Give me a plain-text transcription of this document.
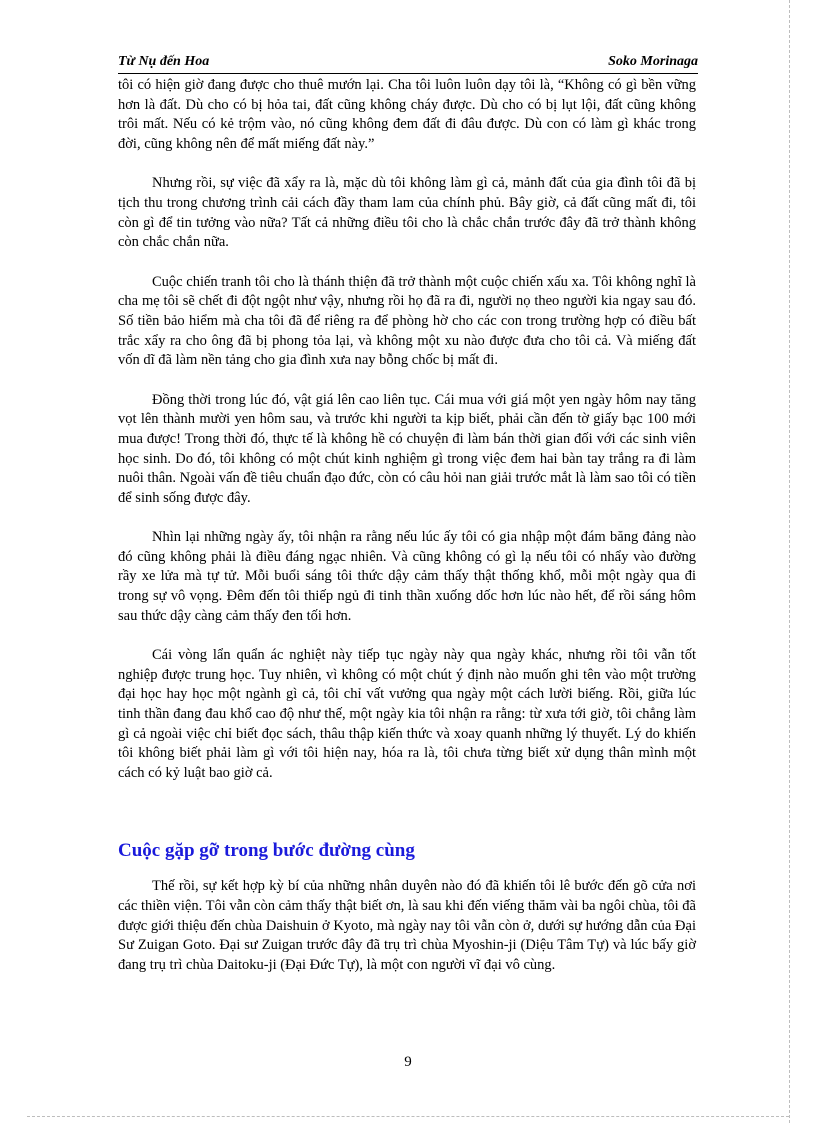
Từ Nụ đến Hoa	Soko Morinaga

tôi có hiện giờ đang được cho thuê mướn lại. Cha tôi luôn luôn dạy tôi là, “Không có gì bền vững hơn là đất. Dù cho có bị hỏa tai, đất cũng không cháy được. Dù cho có bị lụt lội, đất cũng không trôi mất. Nếu có kẻ trộm vào, nó cũng không đem đất đi đâu được. Dù con có làm gì khác trong đời, cũng không nên để mất miếng đất này.”

Nhưng rồi, sự việc đã xẩy ra là, mặc dù tôi không làm gì cả, mảnh đất của gia đình tôi đã bị tịch thu trong chương trình cải cách đầy tham lam của chính phủ. Bây giờ, cả đất cũng mất đi, tôi còn gì để tin tưởng vào nữa? Tất cả những điều tôi cho là chắc chắn trước đây đã trở thành không còn chắc chắn nữa.

Cuộc chiến tranh tôi cho là thánh thiện đã trở thành một cuộc chiến xấu xa. Tôi không nghĩ là cha mẹ tôi sẽ chết đi đột ngột như vậy, nhưng rồi họ đã ra đi, người nọ theo người kia ngay sau đó. Số tiền bảo hiểm mà cha tôi đã để riêng ra để phòng hờ cho các con trong trường hợp có điều bất trắc xẩy ra cho ông đã bị phong tỏa lại, và không một xu nào được đưa cho tôi cả. Và miếng đất vốn dĩ đã làm nền tảng cho gia đình xưa nay bỗng chốc bị mất đi.

Đồng thời trong lúc đó, vật giá lên cao liên tục. Cái mua với giá một yen ngày hôm nay tăng vọt lên thành mười yen hôm sau, và trước khi người ta kịp biết, phải cần đến tờ giấy bạc 100 mới mua được! Trong thời đó, thực tế là không hề có chuyện đi làm bán thời gian đối với các sinh viên học sinh. Do đó, tôi không có một chút kinh nghiệm gì trong việc đem hai bàn tay trắng ra đi làm nuôi thân. Ngoài vấn đề tiêu chuẩn đạo đức, còn có câu hỏi nan giải trước mắt là làm sao tôi có tiền để sinh sống được đây.

Nhìn lại những ngày ấy, tôi nhận ra rằng nếu lúc ấy tôi có gia nhập một đám băng đảng nào đó cũng không phải là điều đáng ngạc nhiên. Và cũng không có gì lạ nếu tôi có nhẩy vào đường rầy xe lửa mà tự tử. Mỗi buổi sáng tôi thức dậy cảm thấy thật thống khổ, mỗi một ngày qua đi trong sự vô vọng. Đêm đến tôi thiếp ngủ đi tinh thần xuống dốc hơn lúc nào hết, để rồi sáng hôm sau thức dậy càng cảm thấy đen tối hơn.

Cái vòng lẩn quẩn ác nghiệt này tiếp tục ngày này qua ngày khác, nhưng rồi tôi vẫn tốt nghiệp được trung học. Tuy nhiên, vì không có một chút ý định nào muốn ghi tên vào một trường đại học hay học một ngành gì cả, tôi chỉ vất vưởng qua ngày một cách lười biếng. Rồi, giữa lúc tinh thần đang đau khổ cao độ như thế, một ngày kia tôi nhận ra rằng: từ xưa tới giờ, tôi chẳng làm gì cả ngoài việc chỉ biết đọc sách, thâu thập kiến thức và xoay quanh những lý thuyết. Lý do khiến tôi không biết phải làm gì với tôi hiện nay, hóa ra là, tôi chưa từng biết xử dụng thân mình một cách có kỷ luật bao giờ cả.

Cuộc gặp gỡ trong bước đường cùng

Thế rồi, sự kết hợp kỳ bí của những nhân duyên nào đó đã khiến tôi lê bước đến gõ cửa nơi các thiền viện. Tôi vẫn còn cảm thấy thật biết ơn, là sau khi đến viếng thăm vài ba ngôi chùa, tôi đã được giới thiệu đến chùa Daishuin ở Kyoto, mà ngày nay tôi vẫn còn ở, dưới sự hướng dẫn của Đại Sư Zuigan Goto. Đại sư Zuigan trước đây đã trụ trì chùa Myoshin-ji (Diệu Tâm Tự) và lúc bấy giờ đang trụ trì chùa Daitoku-ji (Đại Đức Tự), là một con người vĩ đại vô cùng.

9
